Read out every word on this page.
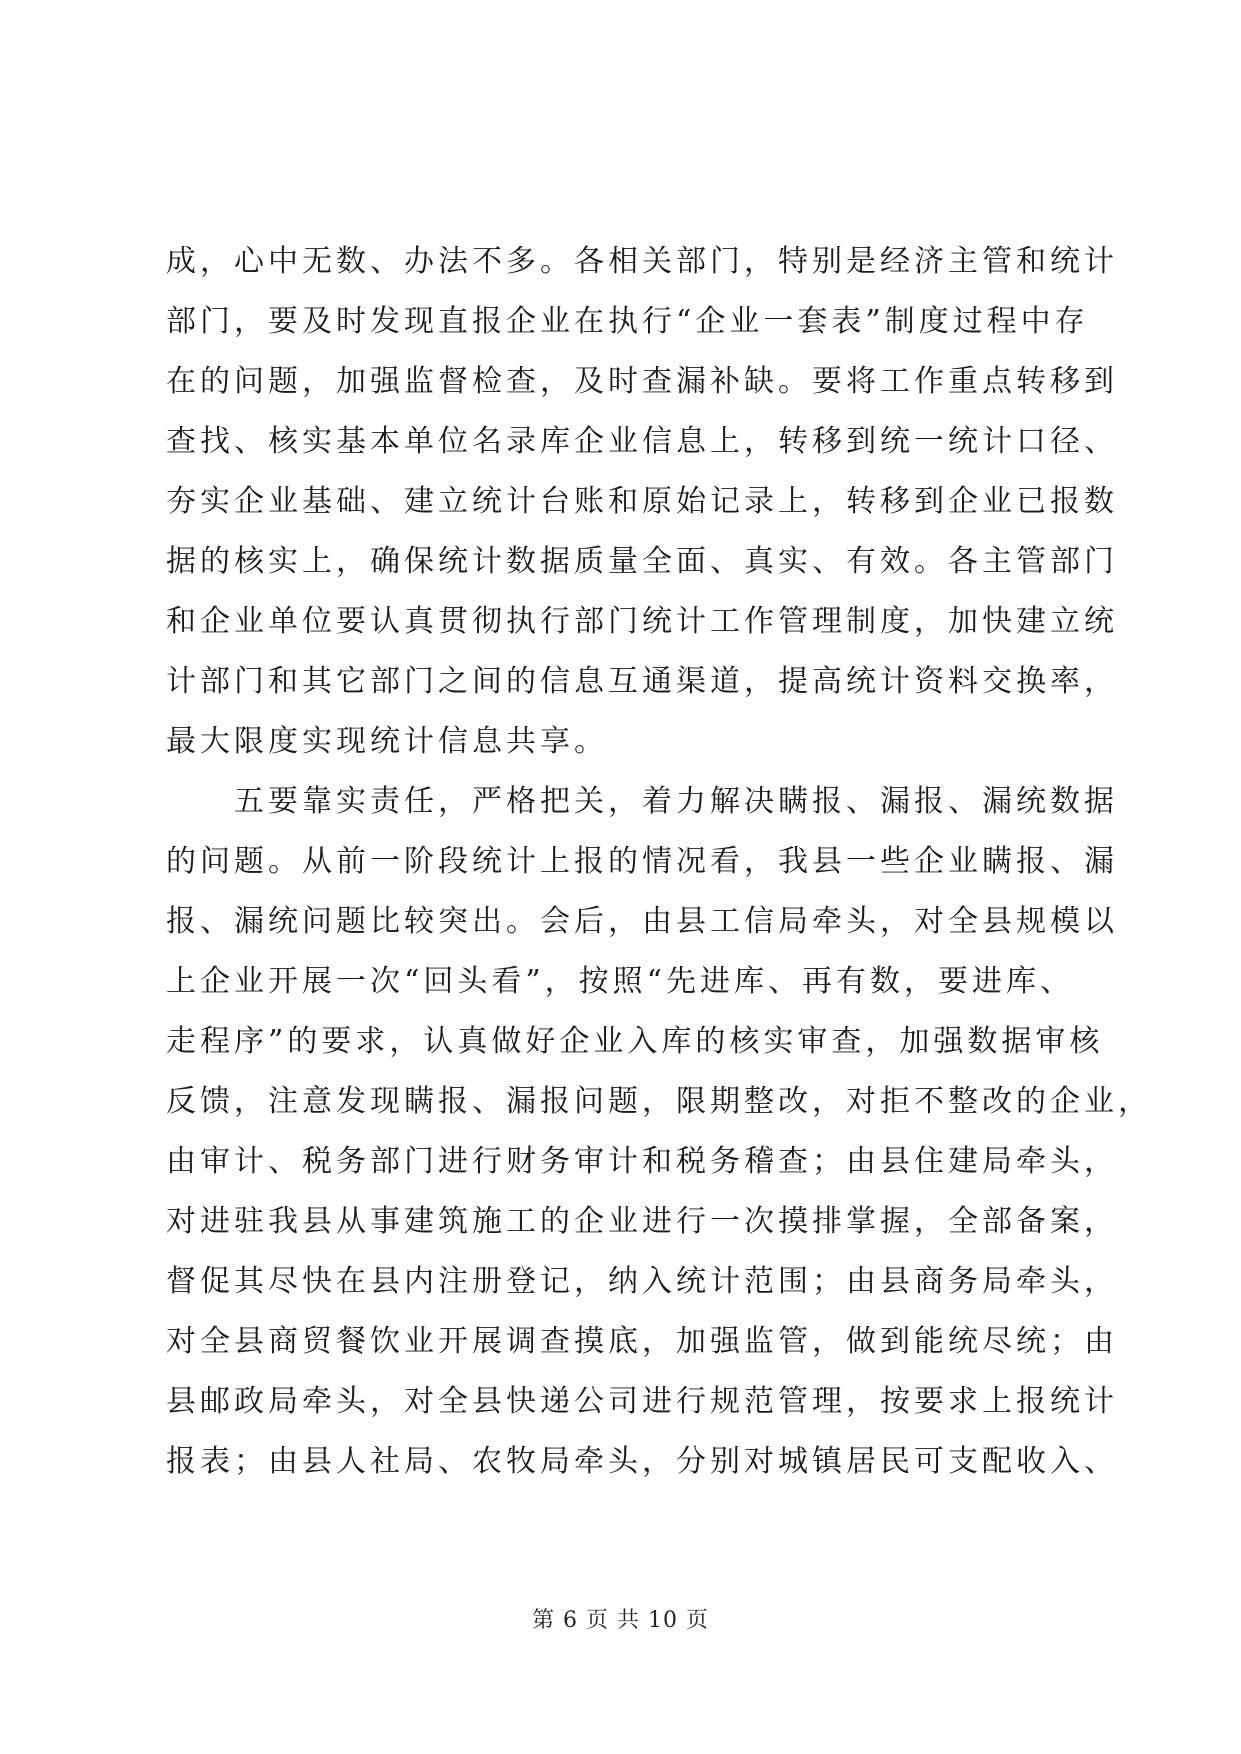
成，心中无数、办法不多。各相关部门，特别是经济主管和统计
部门，要及时发现直报企业在执行“企业一套表”制度过程中存
在的问题，加强监督检查，及时查漏补缺。要将工作重点转移到
查找、核实基本单位名录库企业信息上，转移到统一统计口径、
夯实企业基础、建立统计台账和原始记录上，转移到企业已报数
据的核实上，确保统计数据质量全面、真实、有效。各主管部门
和企业单位要认真贯彻执行部门统计工作管理制度，加快建立统
计部门和其它部门之间的信息互通渠道，提高统计资料交换率，
最大限度实现统计信息共享。
五要靠实责任，严格把关，着力解决瞒报、漏报、漏统数据
的问题。从前一阶段统计上报的情况看，我县一些企业瞒报、漏
报、漏统问题比较突出。会后，由县工信局牵头，对全县规模以
上企业开展一次“回头看”，按照“先进库、再有数，要进库、
走程序”的要求，认真做好企业入库的核实审查，加强数据审核
反馈，注意发现瞒报、漏报问题，限期整改，对拒不整改的企业，
由审计、税务部门进行财务审计和税务稽查；由县住建局牵头，
对进驻我县从事建筑施工的企业进行一次摸排掌握，全部备案，
督促其尽快在县内注册登记，纳入统计范围；由县商务局牵头，
对全县商贸餐饮业开展调查摸底，加强监管，做到能统尽统；由
县邮政局牵头，对全县快递公司进行规范管理，按要求上报统计
报表；由县人社局、农牧局牵头，分别对城镇居民可支配收入、
第 6 页 共 10 页
